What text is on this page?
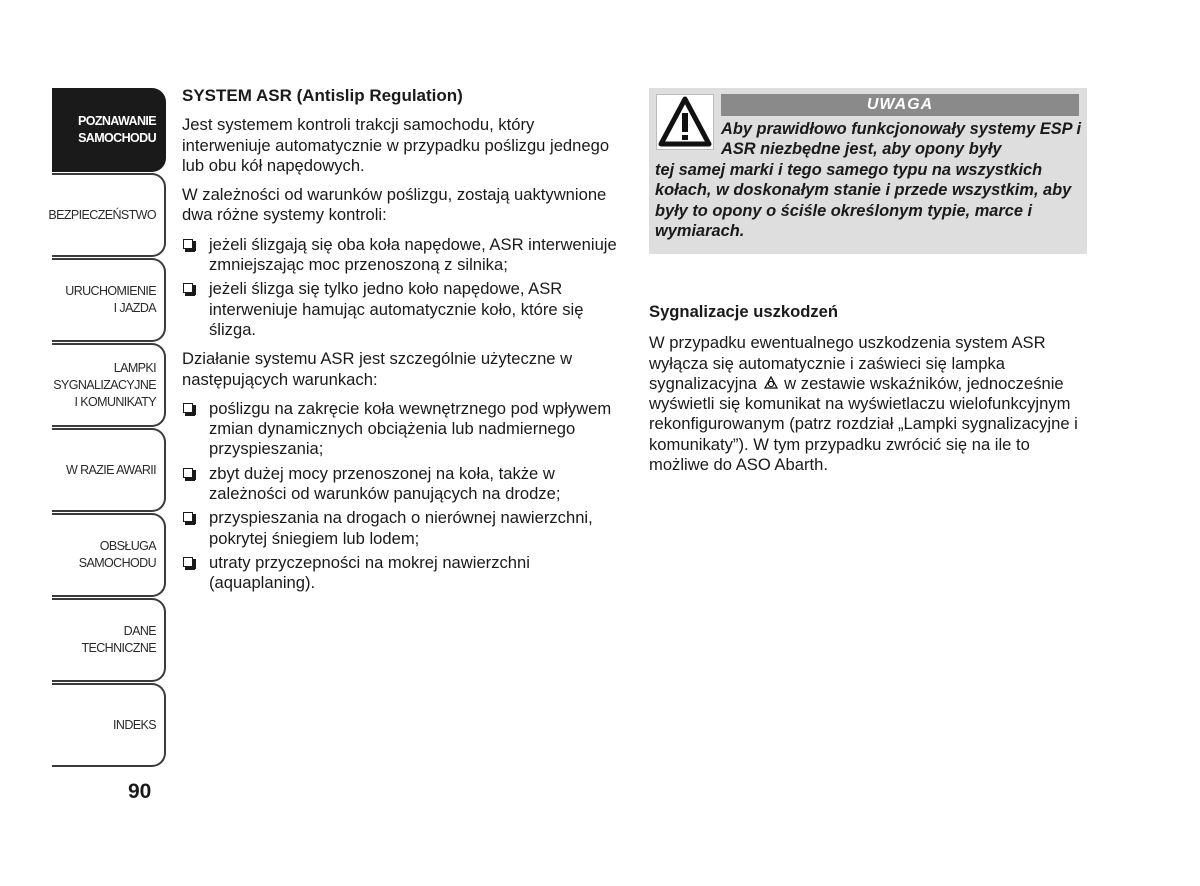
POZNAWANIE
SAMOCHODU
BEZPIECZEŃSTWO
URUCHOMIENIE
I JAZDA
LAMPKI
SYGNALIZACYJNE
I KOMUNIKATY
W RAZIE AWARII
OBSŁUGA
SAMOCHODU
DANE
TECHNICZNE
INDEKS
90
SYSTEM ASR (Antislip Regulation)

Jest systemem kontroli trakcji samochodu, który interweniuje automatycznie w przypadku poślizgu jednego lub obu kół napędowych.

W zależności od warunków poślizgu, zostają uaktywnione dwa różne systemy kontroli:

jeżeli ślizgają się oba koła napędowe, ASR interweniuje zmniejszając moc przenoszoną z silnika;
jeżeli ślizga się tylko jedno koło napędowe, ASR interweniuje hamując automatycznie koło, które się ślizga.

Działanie systemu ASR jest szczególnie użyteczne w następujących warunkach:

poślizgu na zakręcie koła wewnętrznego pod wpływem zmian dynamicznych obciążenia lub nadmiernego przyspieszania;
zbyt dużej mocy przenoszonej na koła, także w zależności od warunków panujących na drodze;
przyspieszania na drogach o nierównej nawierzchni, pokrytej śniegiem lub lodem;
utraty przyczepności na mokrej nawierzchni (aquaplaning).
UWAGA
Aby prawidłowo funkcjonowały systemy ESP i ASR niezbędne jest, aby opony były
tej samej marki i tego samego typu na wszystkich kołach, w doskonałym stanie i przede wszystkim, aby były to opony o ściśle określonym typie, marce i wymiarach.
Sygnalizacje uszkodzeń

W przypadku ewentualnego uszkodzenia system ASR wyłącza się automatycznie i zaświeci się lampka sygnalizacyjna w zestawie wskaźników, jednocześnie wyświetli się komunikat na wyświetlaczu wielofunkcyjnym rekonfigurowanym (patrz rozdział „Lampki sygnalizacyjne i komunikaty”). W tym przypadku zwrócić się na ile to możliwe do ASO Abarth.
